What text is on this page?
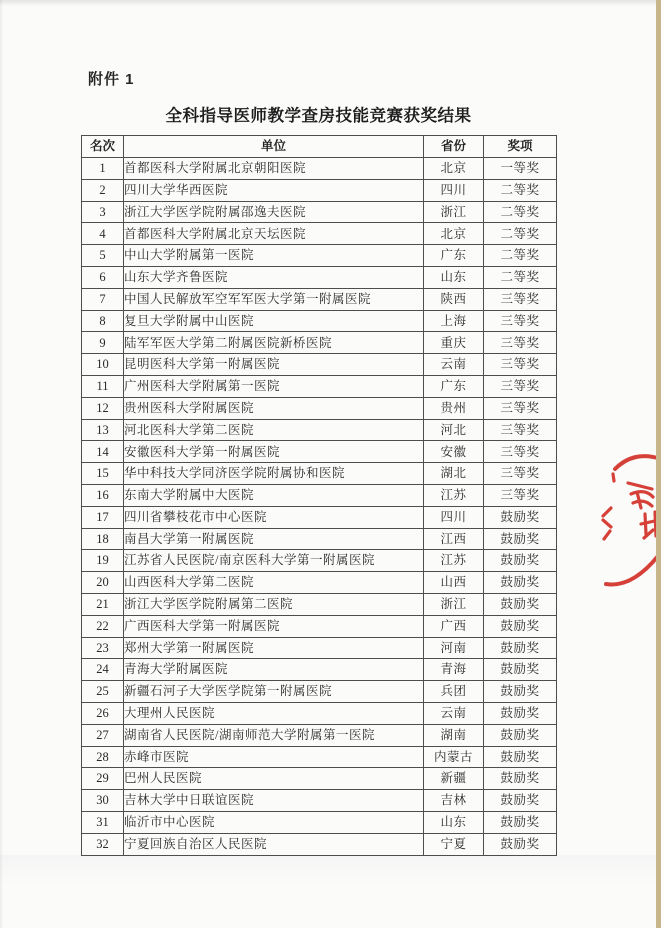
附件 1
全科指导医师教学查房技能竞赛获奖结果
名次	单位	省份	奖项
1	首都医科大学附属北京朝阳医院	北京	一等奖
2	四川大学华西医院	四川	二等奖
3	浙江大学医学院附属邵逸夫医院	浙江	二等奖
4	首都医科大学附属北京天坛医院	北京	二等奖
5	中山大学附属第一医院	广东	二等奖
6	山东大学齐鲁医院	山东	二等奖
7	中国人民解放军空军军医大学第一附属医院	陕西	三等奖
8	复旦大学附属中山医院	上海	三等奖
9	陆军军医大学第二附属医院新桥医院	重庆	三等奖
10	昆明医科大学第一附属医院	云南	三等奖
11	广州医科大学附属第一医院	广东	三等奖
12	贵州医科大学附属医院	贵州	三等奖
13	河北医科大学第二医院	河北	三等奖
14	安徽医科大学第一附属医院	安徽	三等奖
15	华中科技大学同济医学院附属协和医院	湖北	三等奖
16	东南大学附属中大医院	江苏	三等奖
17	四川省攀枝花市中心医院	四川	鼓励奖
18	南昌大学第一附属医院	江西	鼓励奖
19	江苏省人民医院/南京医科大学第一附属医院	江苏	鼓励奖
20	山西医科大学第二医院	山西	鼓励奖
21	浙江大学医学院附属第二医院	浙江	鼓励奖
22	广西医科大学第一附属医院	广西	鼓励奖
23	郑州大学第一附属医院	河南	鼓励奖
24	青海大学附属医院	青海	鼓励奖
25	新疆石河子大学医学院第一附属医院	兵团	鼓励奖
26	大理州人民医院	云南	鼓励奖
27	湖南省人民医院/湖南师范大学附属第一医院	湖南	鼓励奖
28	赤峰市医院	内蒙古	鼓励奖
29	巴州人民医院	新疆	鼓励奖
30	吉林大学中日联谊医院	吉林	鼓励奖
31	临沂市中心医院	山东	鼓励奖
32	宁夏回族自治区人民医院	宁夏	鼓励奖
